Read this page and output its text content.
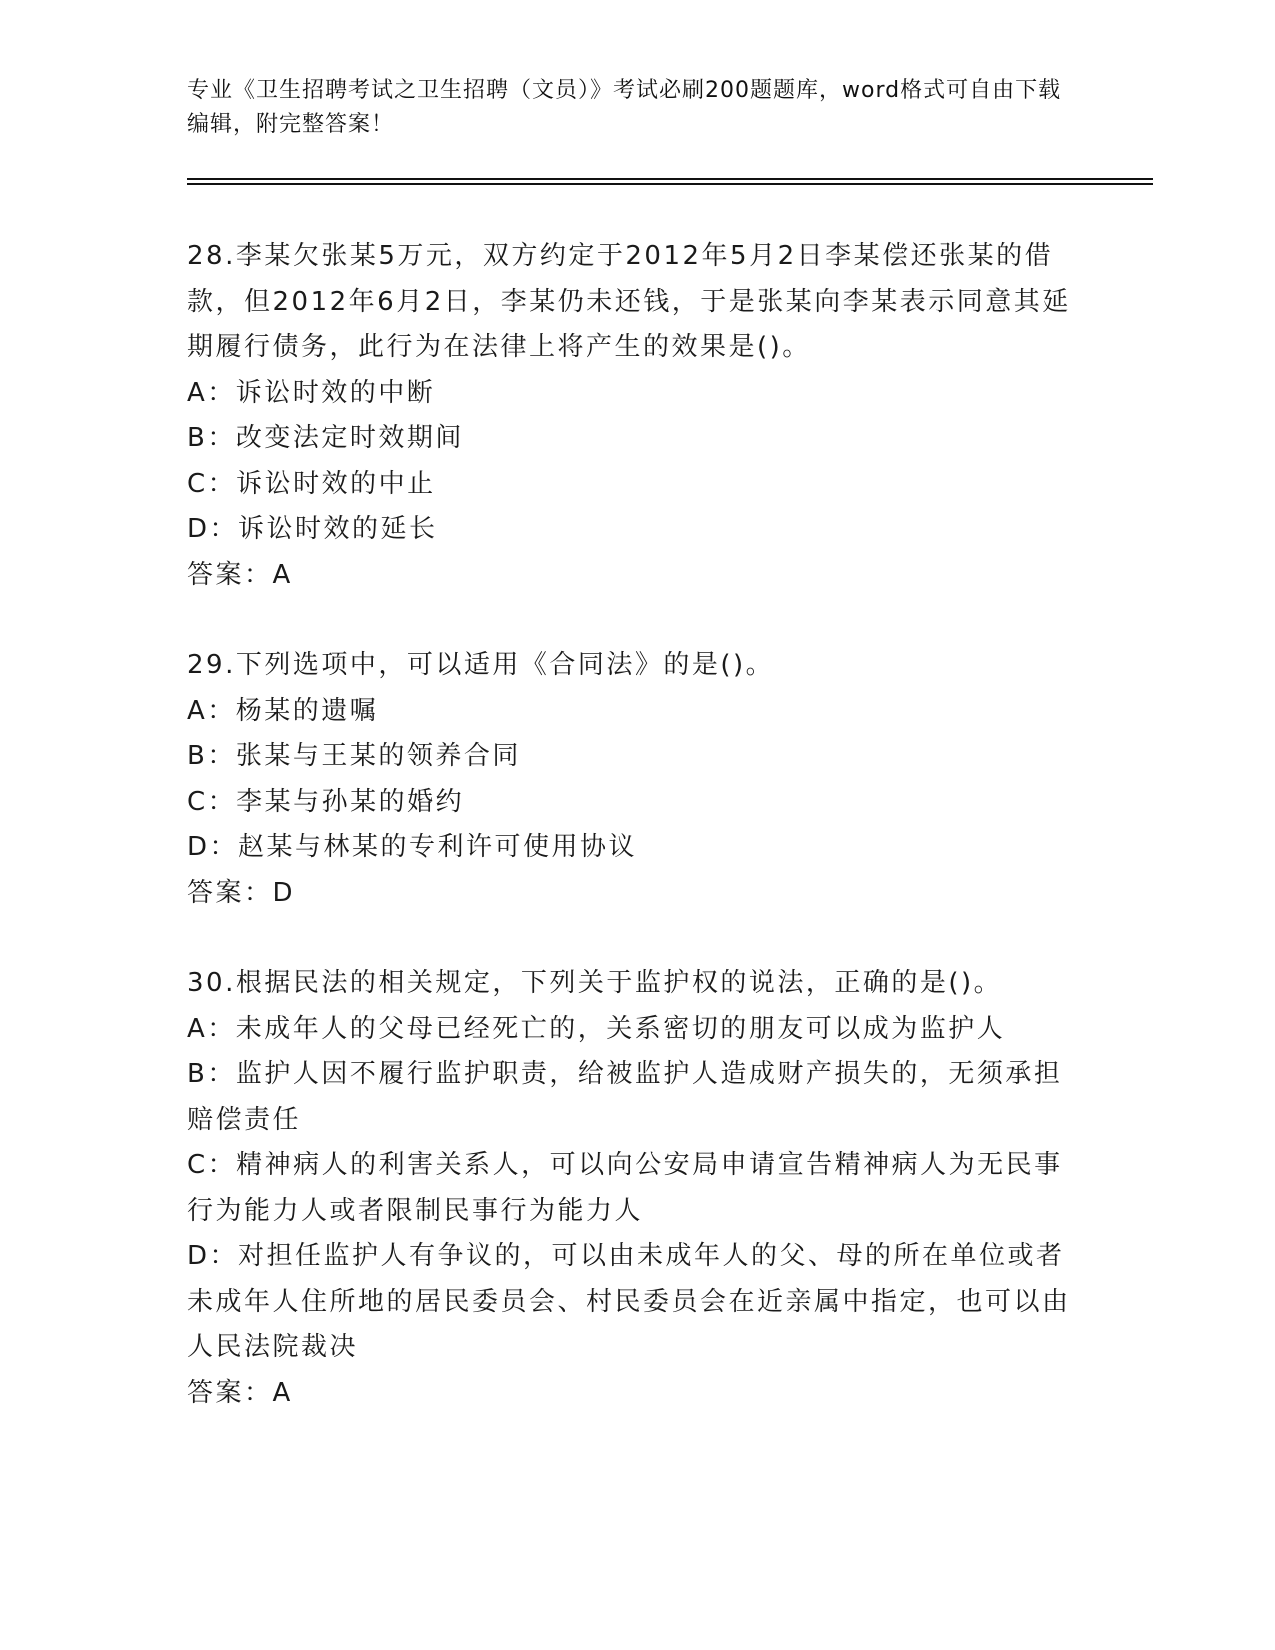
专业《卫生招聘考试之卫生招聘（文员）》考试必刷200题题库，word格式可自由下载编辑，附完整答案！

28.李某欠张某5万元，双方约定于2012年5月2日李某偿还张某的借款，但2012年6月2日，李某仍未还钱，于是张某向李某表示同意其延期履行债务，此行为在法律上将产生的效果是()。

A：诉讼时效的中断

B：改变法定时效期间

C：诉讼时效的中止

D：诉讼时效的延长

答案：A

29.下列选项中，可以适用《合同法》的是()。

A：杨某的遗嘱

B：张某与王某的领养合同

C：李某与孙某的婚约

D：赵某与林某的专利许可使用协议

答案：D

30.根据民法的相关规定，下列关于监护权的说法，正确的是()。

A：未成年人的父母已经死亡的，关系密切的朋友可以成为监护人

B：监护人因不履行监护职责，给被监护人造成财产损失的，无须承担赔偿责任

C：精神病人的利害关系人，可以向公安局申请宣告精神病人为无民事行为能力人或者限制民事行为能力人

D：对担任监护人有争议的，可以由未成年人的父、母的所在单位或者未成年人住所地的居民委员会、村民委员会在近亲属中指定，也可以由人民法院裁决

答案：A
